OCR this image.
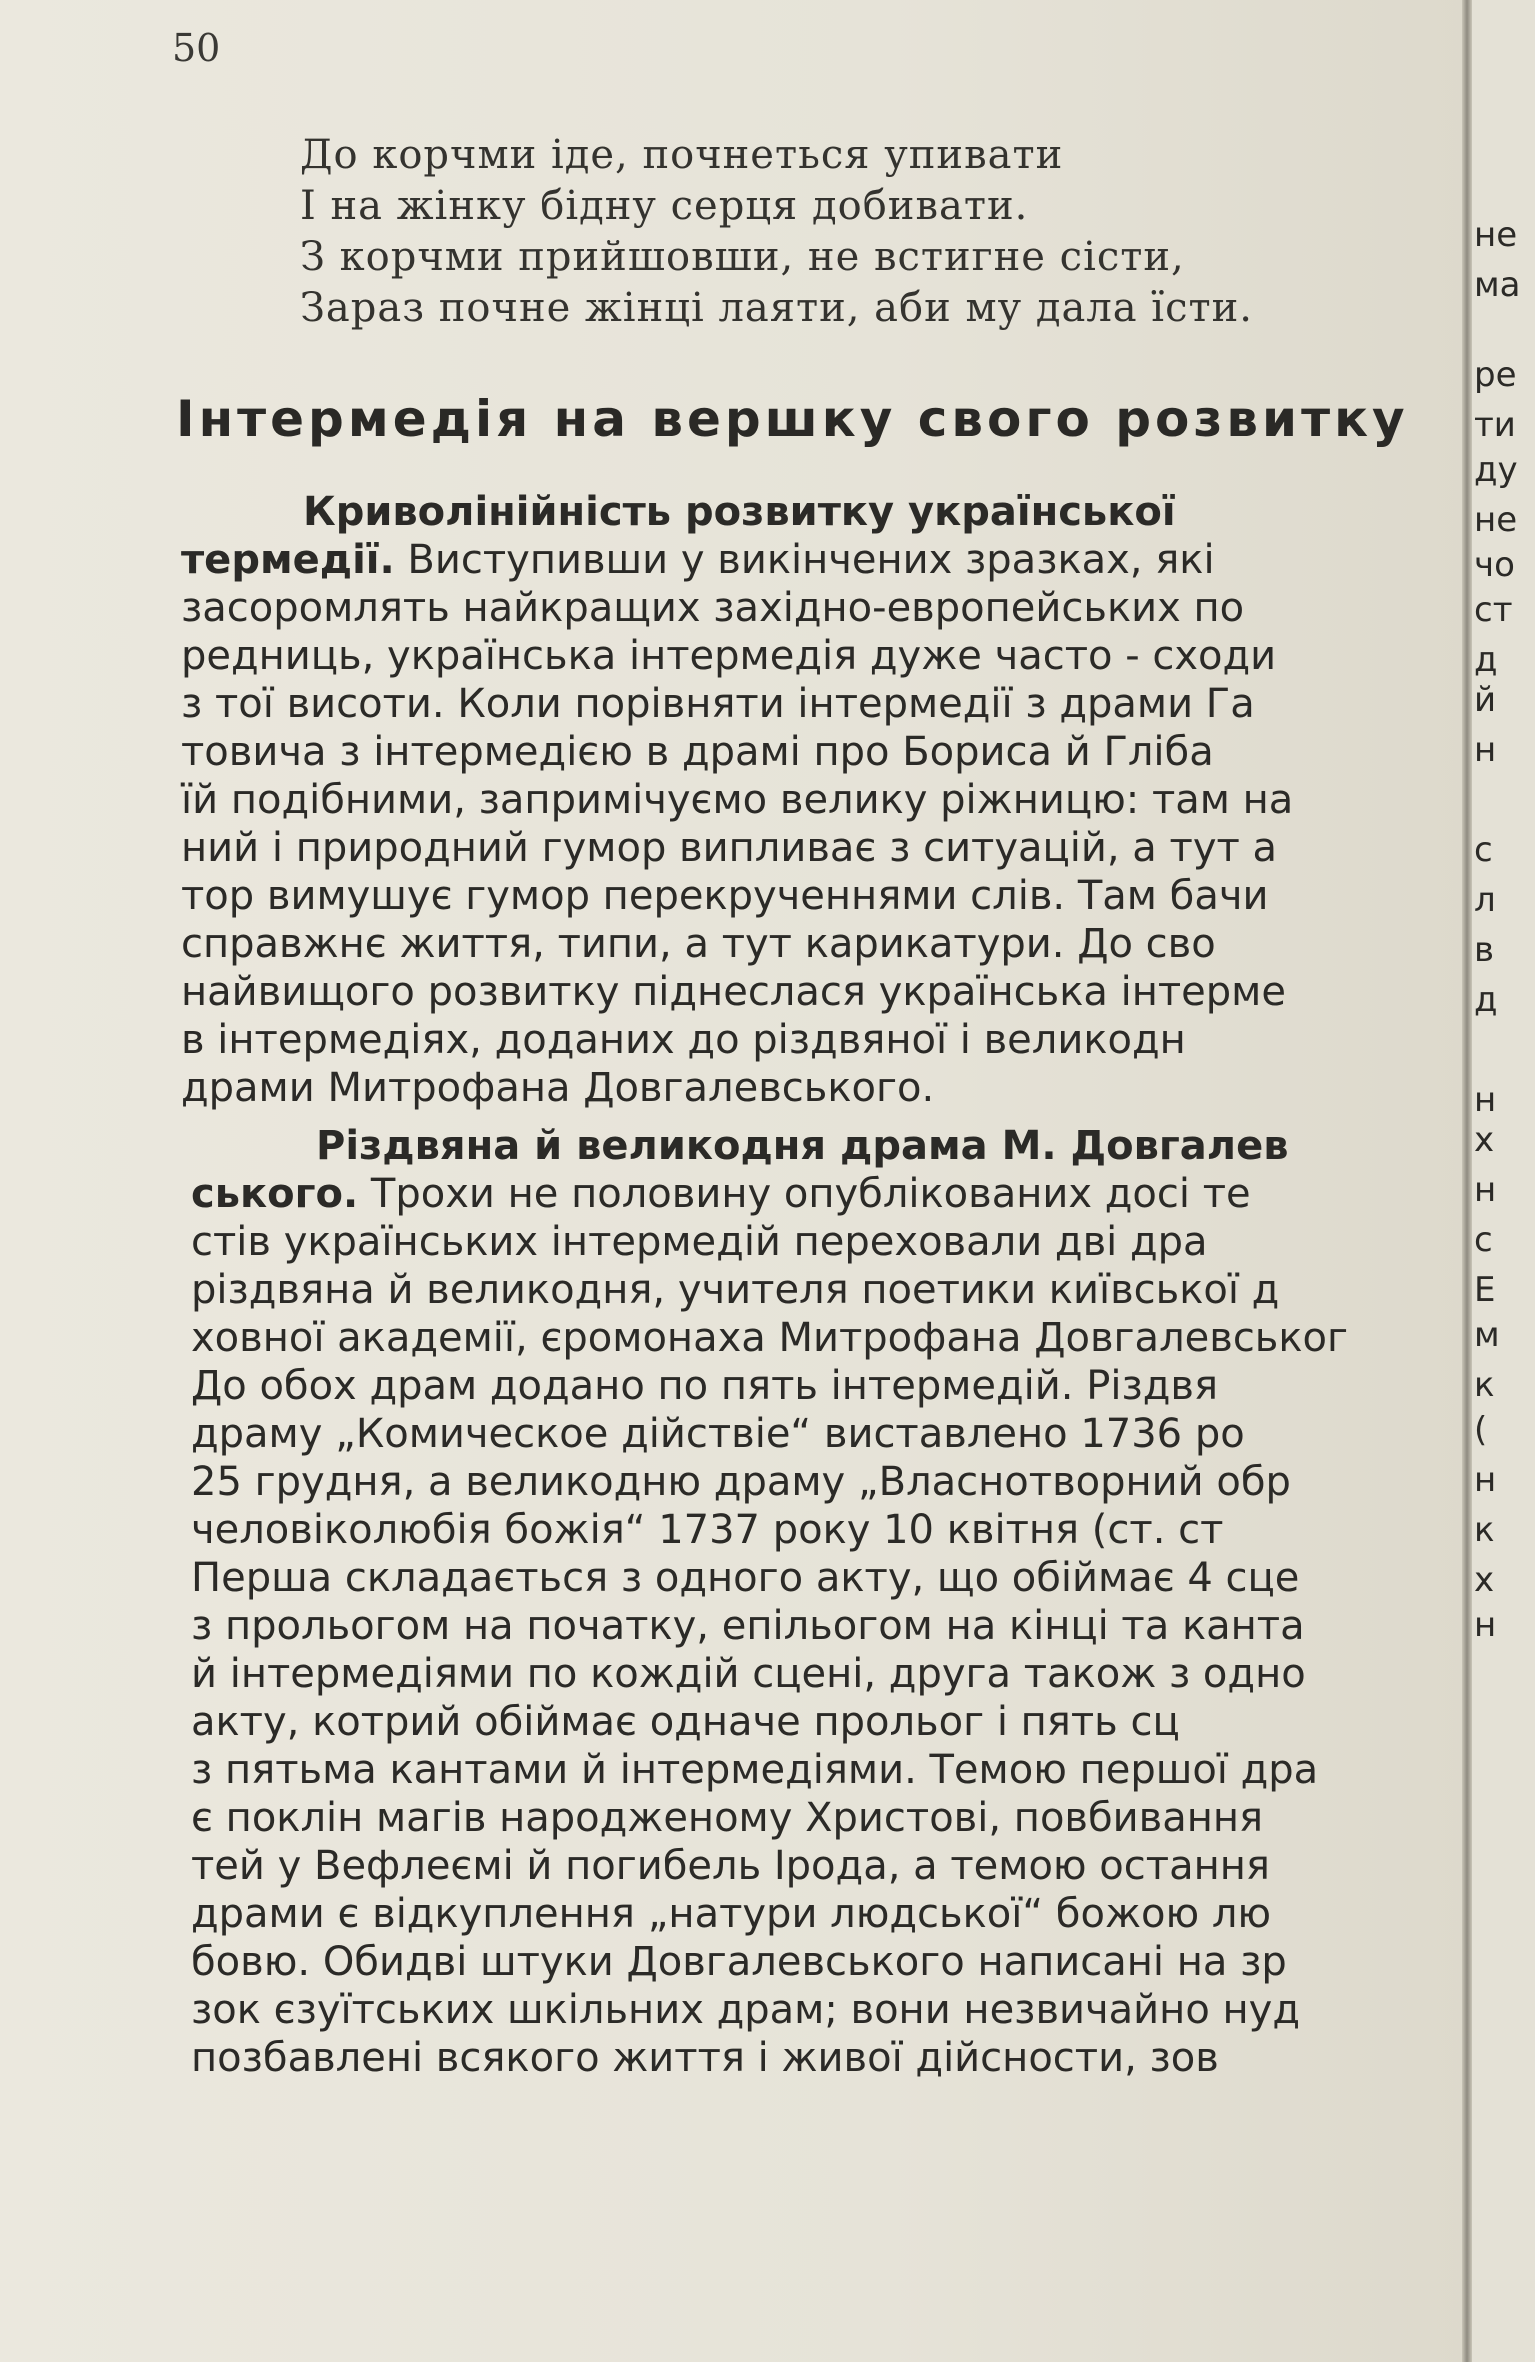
50
До корчми іде, почнеться упивати
І на жінку бідну серця добивати.
З корчми прийшовши, не встигне сісти,
Зараз почне жінці лаяти, аби му дала їсти.
Інтермедія на вершку свого розвитку
Криволінійність розвитку української
термедії. Виступивши у викінчених зразках, які
засоромлять найкращих західно-европейських по
редниць, українська інтермедія дуже часто - сходи
з тої висоти. Коли порівняти інтермедії з драми Га
товича з інтермедією в драмі про Бориса й Гліба
їй подібними, запримічуємо велику ріжницю: там на
ний і природний гумор випливає з ситуацій, а тут а
тор вимушує гумор перекрученнями слів. Там бачи
справжнє життя, типи, а тут карикатури. До сво
найвищого розвитку піднеслася українська інтерме
в інтермедіях, доданих до різдвяної і великодн
драми Митрофана Довгалевського.
Різдвяна й великодня драма М. Довгалев
ського. Трохи не половину опублікованих досі те
стів українських інтермедій переховали дві дра
різдвяна й великодня, учителя поетики київської д
ховної академії, єромонаха Митрофана Довгалевськог
До обох драм додано по пять інтермедій. Різдвя
драму „Комическое дійствіе“ виставлено 1736 ро
25 грудня, а великодню драму „Власнотворний обр
человіколюбія божія“ 1737 року 10 квітня (ст. ст
Перша складається з одного акту, що обіймає 4 сце
з прольогом на початку, епільогом на кінці та канта
й інтермедіями по кождій сцені, друга також з одно
акту, котрий обіймає одначе прольог і пять сц
з пятьма кантами й інтермедіями. Темою першої дра
є поклін магів народженому Христові, повбивання
тей у Вефлеємі й погибель Ірода, а темою остання
драми є відкуплення „натури людської“ божою лю
бовю. Обидві штуки Довгалевського написані на зр
зок єзуїтських шкільних драм; вони незвичайно нуд
позбавлені всякого життя і живої дійсности, зов
не
ма
ре
ти
ду
не
чо
ст
д
й
н
с
л
в
д
н
х
н
с
Е
м
к
(
н
к
х
н
